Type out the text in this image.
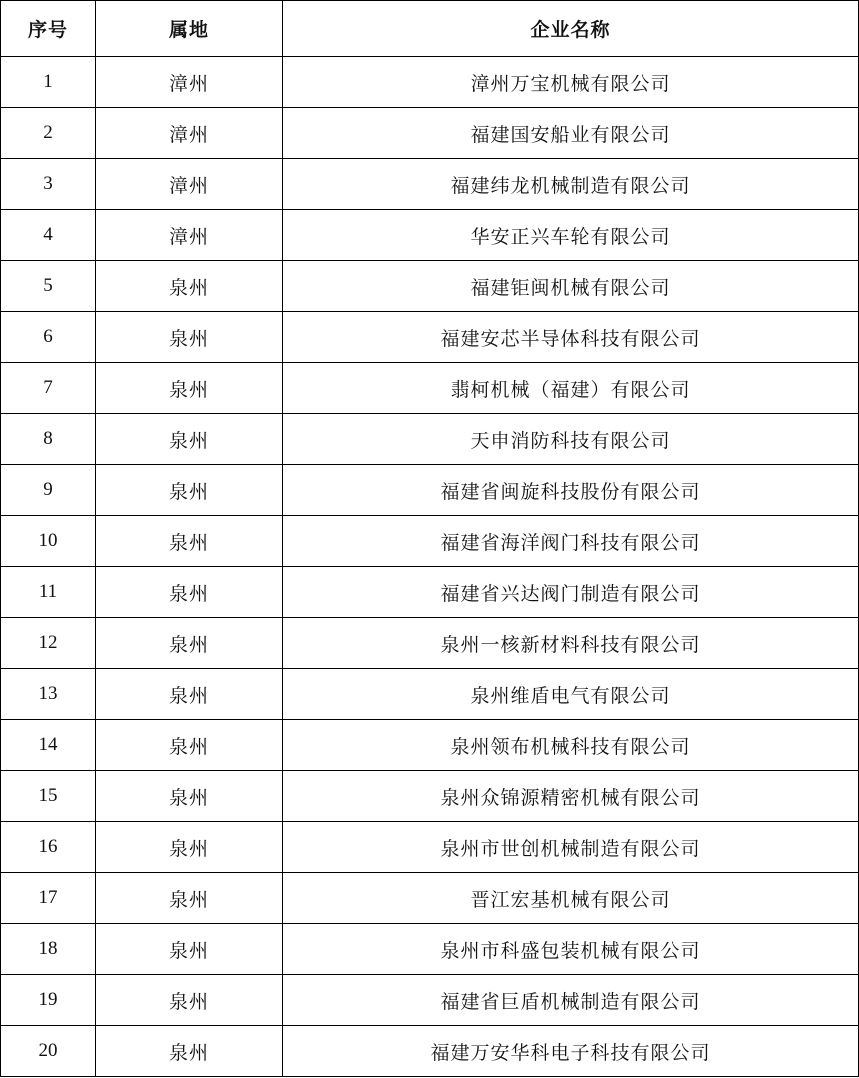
序号	属地	企业名称
1	漳州	漳州万宝机械有限公司
2	漳州	福建国安船业有限公司
3	漳州	福建纬龙机械制造有限公司
4	漳州	华安正兴车轮有限公司
5	泉州	福建钜闽机械有限公司
6	泉州	福建安芯半导体科技有限公司
7	泉州	翡柯机械（福建）有限公司
8	泉州	天申消防科技有限公司
9	泉州	福建省闽旋科技股份有限公司
10	泉州	福建省海洋阀门科技有限公司
11	泉州	福建省兴达阀门制造有限公司
12	泉州	泉州一核新材料科技有限公司
13	泉州	泉州维盾电气有限公司
14	泉州	泉州领布机械科技有限公司
15	泉州	泉州众锦源精密机械有限公司
16	泉州	泉州市世创机械制造有限公司
17	泉州	晋江宏基机械有限公司
18	泉州	泉州市科盛包装机械有限公司
19	泉州	福建省巨盾机械制造有限公司
20	泉州	福建万安华科电子科技有限公司
